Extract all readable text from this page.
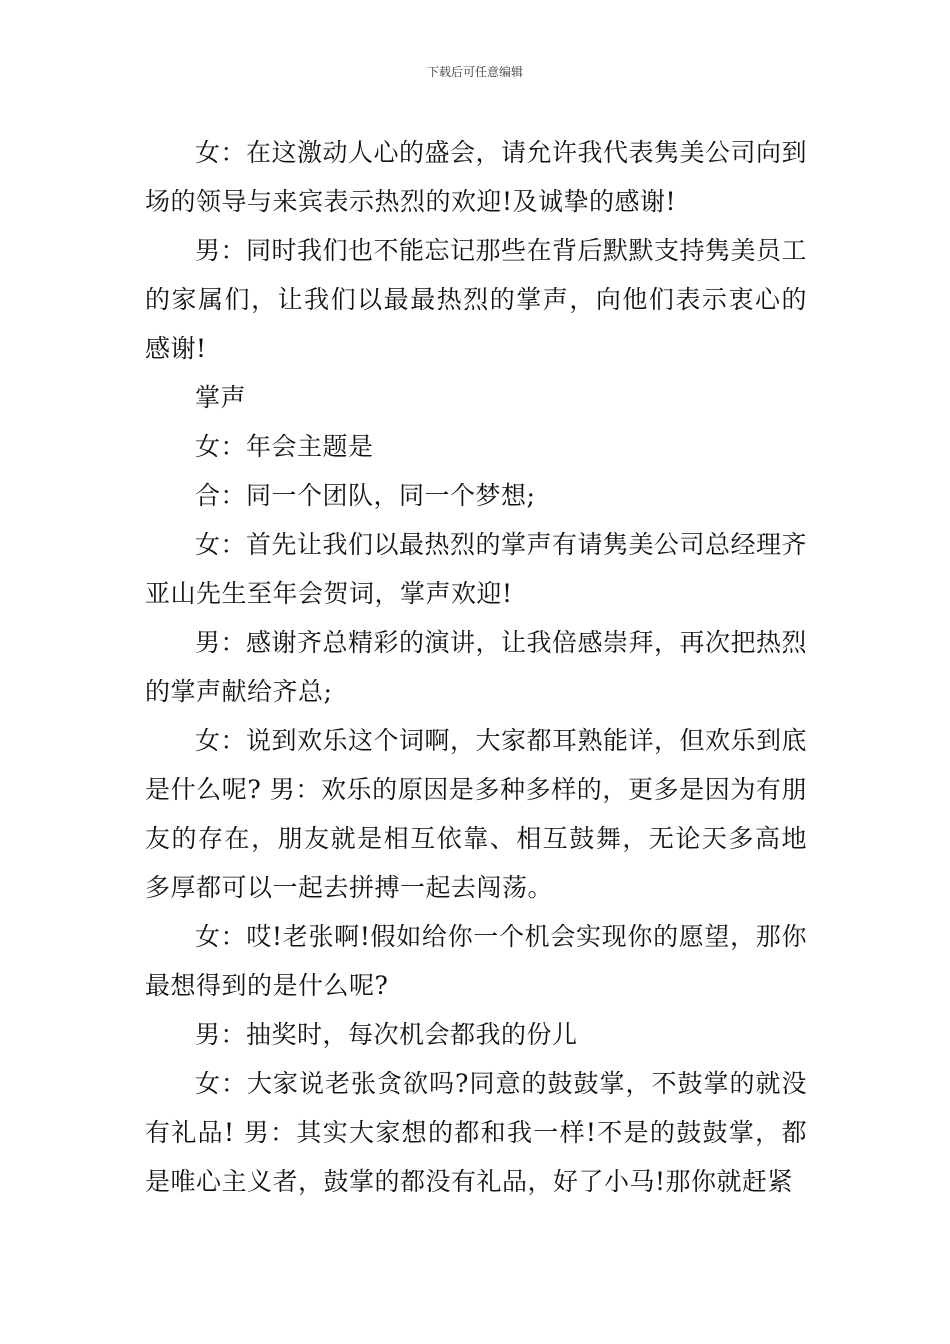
下载后可任意编辑

女：在这激动人心的盛会，请允许我代表隽美公司向到场的领导与来宾表示热烈的欢迎!及诚挚的感谢!

男：同时我们也不能忘记那些在背后默默支持隽美员工的家属们，让我们以最最热烈的掌声，向他们表示衷心的感谢!

掌声

女：年会主题是

合：同一个团队，同一个梦想;

女：首先让我们以最热烈的掌声有请隽美公司总经理齐亚山先生至年会贺词，掌声欢迎!

男：感谢齐总精彩的演讲，让我倍感崇拜，再次把热烈的掌声献给齐总;

女：说到欢乐这个词啊，大家都耳熟能详，但欢乐到底是什么呢? 男：欢乐的原因是多种多样的，更多是因为有朋友的存在，朋友就是相互依靠、相互鼓舞，无论天多高地多厚都可以一起去拼搏一起去闯荡。

女：哎!老张啊!假如给你一个机会实现你的愿望，那你最想得到的是什么呢?

男：抽奖时，每次机会都我的份儿

女：大家说老张贪欲吗?同意的鼓鼓掌，不鼓掌的就没有礼品! 男：其实大家想的都和我一样!不是的鼓鼓掌，都是唯心主义者，鼓掌的都没有礼品，好了小马!那你就赶紧
